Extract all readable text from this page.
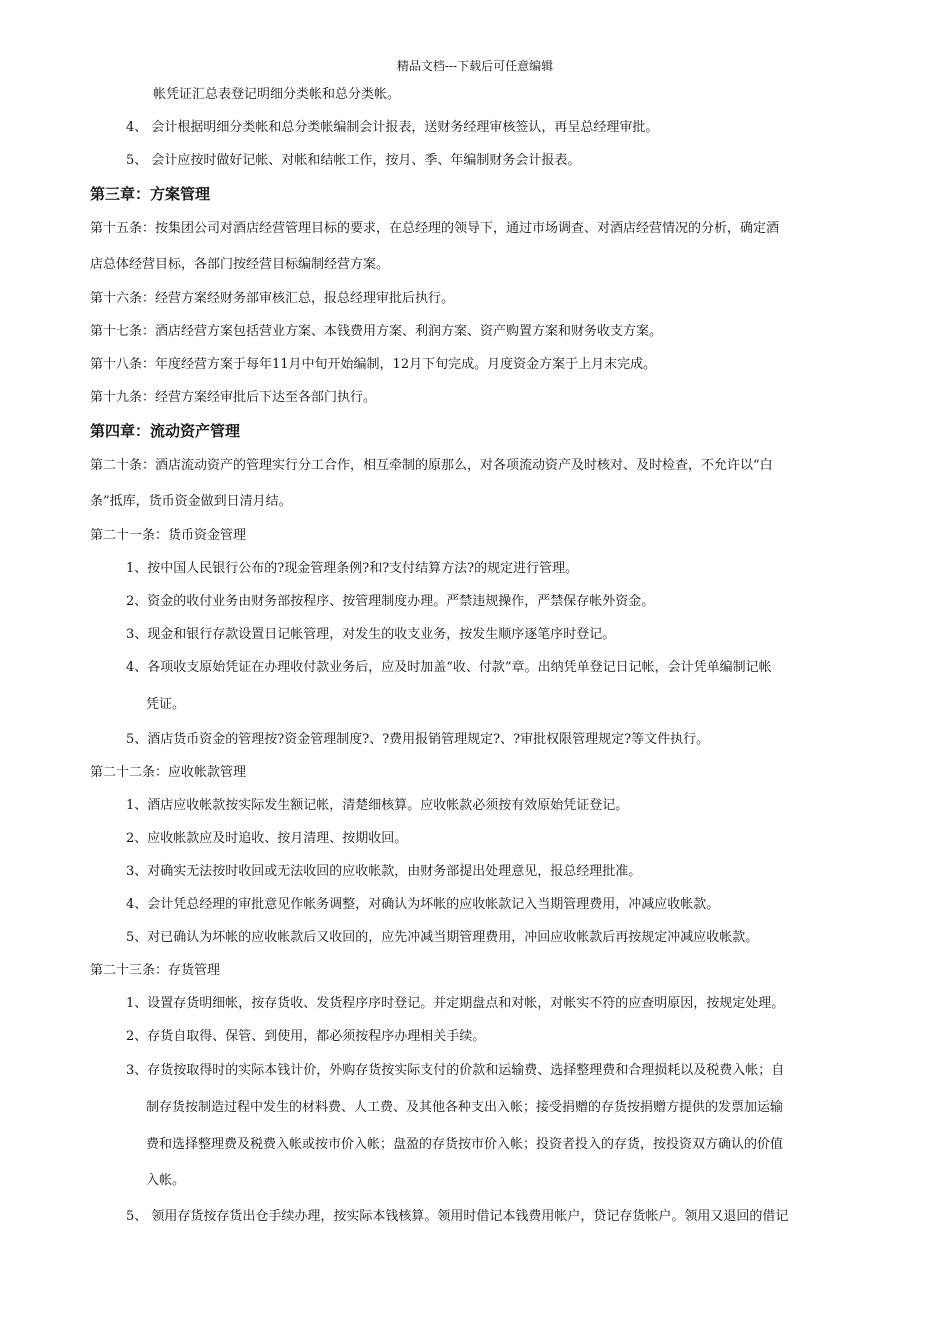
精品文档---下载后可任意编辑
帐凭证汇总表登记明细分类帐和总分类帐。
4、 会计根据明细分类帐和总分类帐编制会计报表，送财务经理审核签认，再呈总经理审批。
5、 会计应按时做好记帐、对帐和结帐工作，按月、季、年编制财务会计报表。
第三章：方案管理
第十五条：按集团公司对酒店经营管理目标的要求，在总经理的领导下，通过市场调查、对酒店经营情况的分析，确定酒
店总体经营目标，各部门按经营目标编制经营方案。
第十六条：经营方案经财务部审核汇总，报总经理审批后执行。
第十七条：酒店经营方案包括营业方案、本钱费用方案、利润方案、资产购置方案和财务收支方案。
第十八条：年度经营方案于每年11月中旬开始编制，12月下旬完成。月度资金方案于上月末完成。
第十九条：经营方案经审批后下达至各部门执行。
第四章：流动资产管理
第二十条：酒店流动资产的管理实行分工合作，相互牵制的原那么，对各项流动资产及时核对、及时检查，不允许以“白
条”抵库，货币资金做到日清月结。
第二十一条：货币资金管理
1、按中国人民银行公布的?现金管理条例?和?支付结算方法?的规定进行管理。
2、资金的收付业务由财务部按程序、按管理制度办理。严禁违规操作，严禁保存帐外资金。
3、现金和银行存款设置日记帐管理，对发生的收支业务，按发生顺序逐笔序时登记。
4、各项收支原始凭证在办理收付款业务后，应及时加盖“收、付款”章。出纳凭单登记日记帐，会计凭单编制记帐
凭证。
5、酒店货币资金的管理按?资金管理制度?、?费用报销管理规定?、?审批权限管理规定?等文件执行。
第二十二条：应收帐款管理
1、酒店应收帐款按实际发生额记帐，清楚细核算。应收帐款必须按有效原始凭证登记。
2、应收帐款应及时追收、按月清理、按期收回。
3、对确实无法按时收回或无法收回的应收帐款，由财务部提出处理意见，报总经理批准。
4、会计凭总经理的审批意见作帐务调整，对确认为坏帐的应收帐款记入当期管理费用，冲减应收帐款。
5、对已确认为坏帐的应收帐款后又收回的，应先冲减当期管理费用，冲回应收帐款后再按规定冲减应收帐款。
第二十三条：存货管理
1、设置存货明细帐，按存货收、发货程序序时登记。并定期盘点和对帐，对帐实不符的应查明原因，按规定处理。
2、存货自取得、保管、到使用，都必须按程序办理相关手续。
3、存货按取得时的实际本钱计价，外购存货按实际支付的价款和运输费、选择整理费和合理损耗以及税费入帐；自
制存货按制造过程中发生的材料费、人工费、及其他各种支出入帐；接受捐赠的存货按捐赠方提供的发票加运输
费和选择整理费及税费入帐或按市价入帐；盘盈的存货按市价入帐；投资者投入的存货，按投资双方确认的价值
入帐。
5、 领用存货按存货出仓手续办理，按实际本钱核算。领用时借记本钱费用帐户，贷记存货帐户。领用又退回的借记
